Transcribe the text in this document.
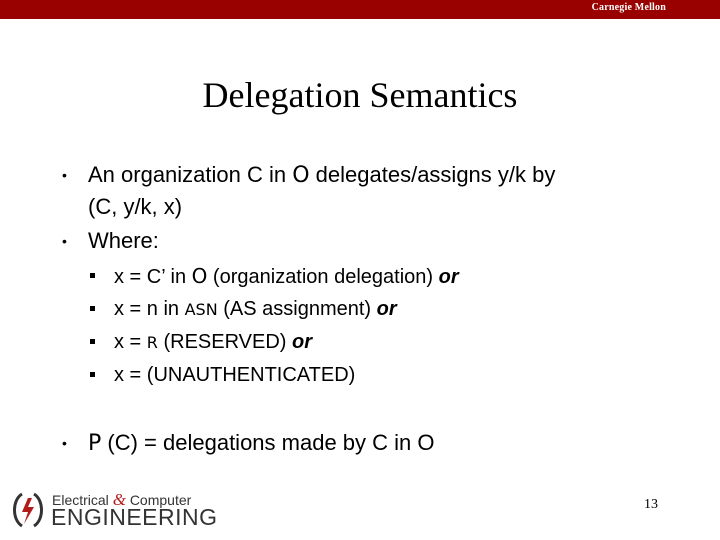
Carnegie Mellon
Delegation Semantics
• An organization C in O delegates/assigns y/k by
(C, y/k, x)
• Where:
x = C’ in O (organization delegation) or
x = n in ASN (AS assignment) or
x = R (RESERVED) or
x = (UNAUTHENTICATED)
• P (C) = delegations made by C in O
Electrical & Computer
ENGINEERING	13
